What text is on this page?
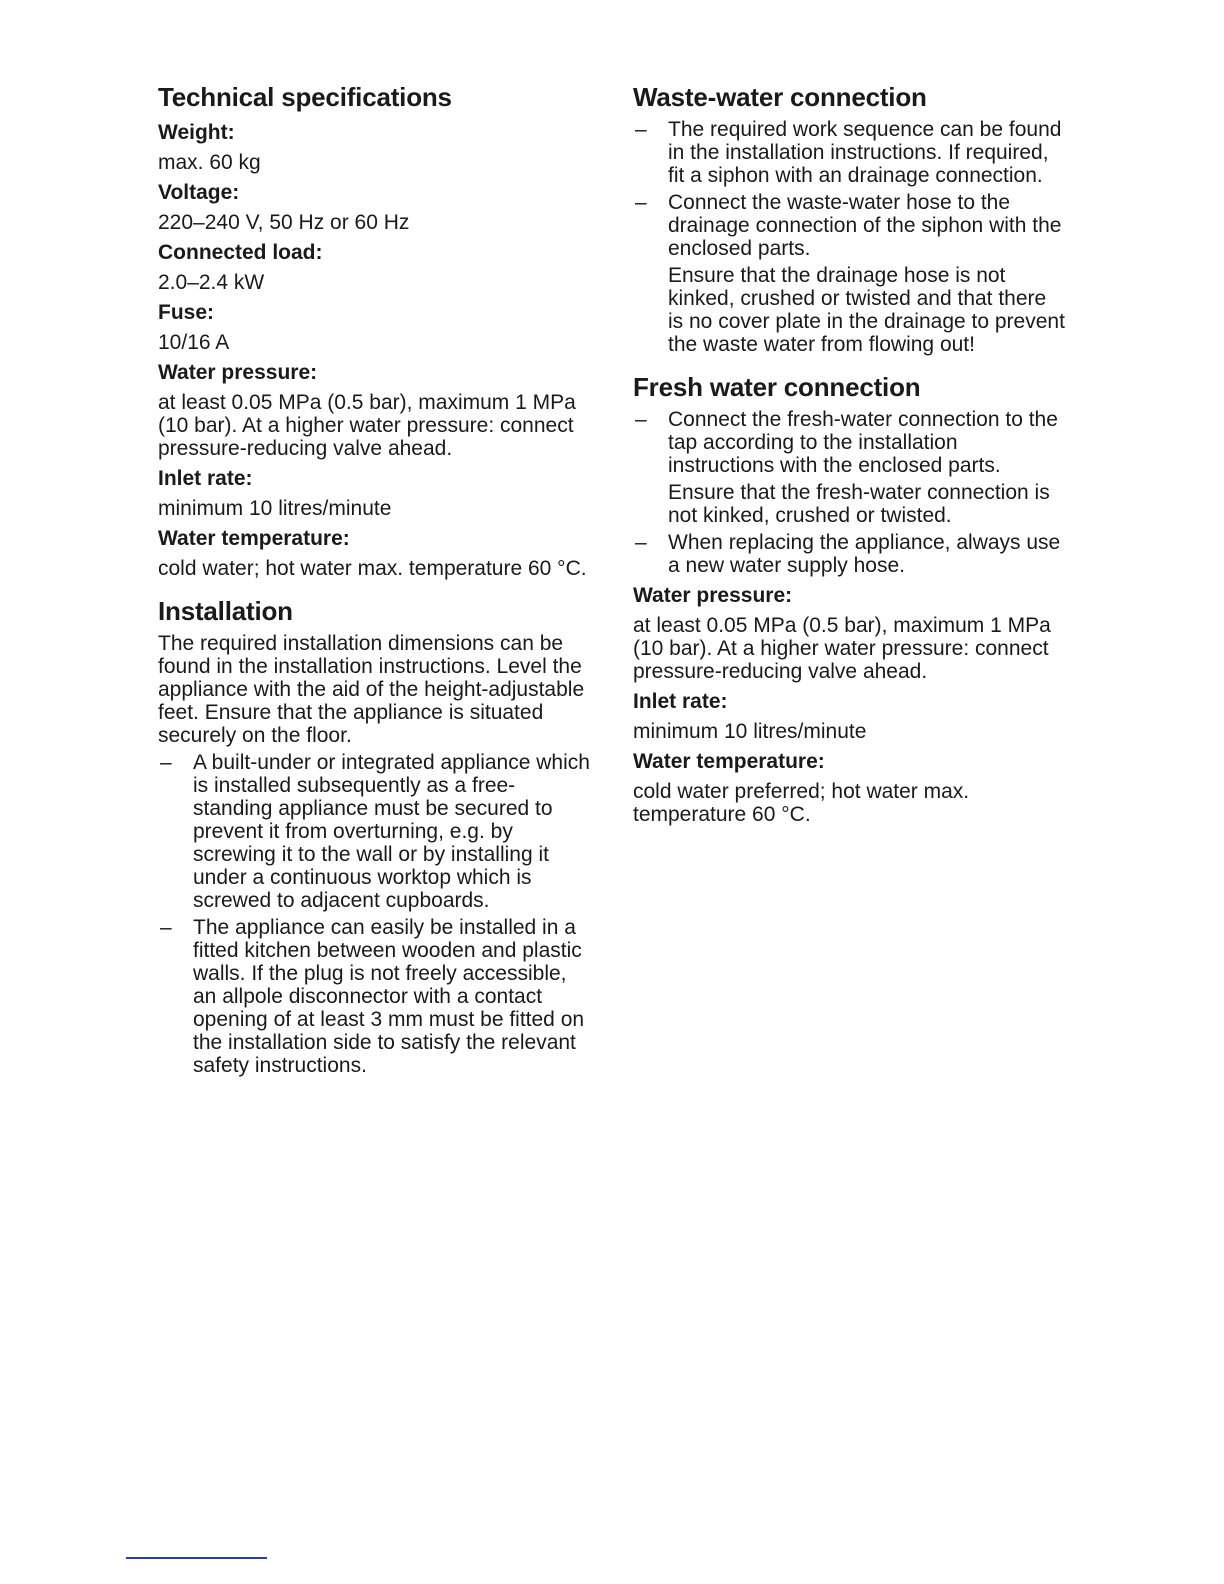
Technical specifications
Weight:
max. 60 kg
Voltage:
220–240 V, 50 Hz or 60 Hz
Connected load:
2.0–2.4 kW
Fuse:
10/16 A
Water pressure:
at least 0.05 MPa (0.5 bar), maximum 1 MPa (10 bar). At a higher water pressure: connect pressure-reducing valve ahead.
Inlet rate:
minimum 10 litres/minute
Water temperature:
cold water; hot water max. temperature 60 °C.
Installation

The required installation dimensions can be found in the installation instructions. Level the appliance with the aid of the height-adjustable feet. Ensure that the appliance is situated securely on the floor.

– A built-under or integrated appliance which is installed subsequently as a free-standing appliance must be secured to prevent it from overturning, e.g. by screwing it to the wall or by installing it under a continuous worktop which is screwed to adjacent cupboards.
– The appliance can easily be installed in a fitted kitchen between wooden and plastic walls. If the plug is not freely accessible, an allpole disconnector with a contact opening of at least 3 mm must be fitted on the installation side to satisfy the relevant safety instructions.
Waste-water connection
– The required work sequence can be found in the installation instructions. If required, fit a siphon with an drainage connection.
– Connect the waste-water hose to the drainage connection of the siphon with the enclosed parts.
Ensure that the drainage hose is not kinked, crushed or twisted and that there is no cover plate in the drainage to prevent the waste water from flowing out!
Fresh water connection
– Connect the fresh-water connection to the tap according to the installation instructions with the enclosed parts.
Ensure that the fresh-water connection is not kinked, crushed or twisted.
– When replacing the appliance, always use a new water supply hose.
Water pressure:
at least 0.05 MPa (0.5 bar), maximum 1 MPa (10 bar). At a higher water pressure: connect pressure-reducing valve ahead.
Inlet rate:
minimum 10 litres/minute
Water temperature:
cold water preferred; hot water max. temperature 60 °C.
